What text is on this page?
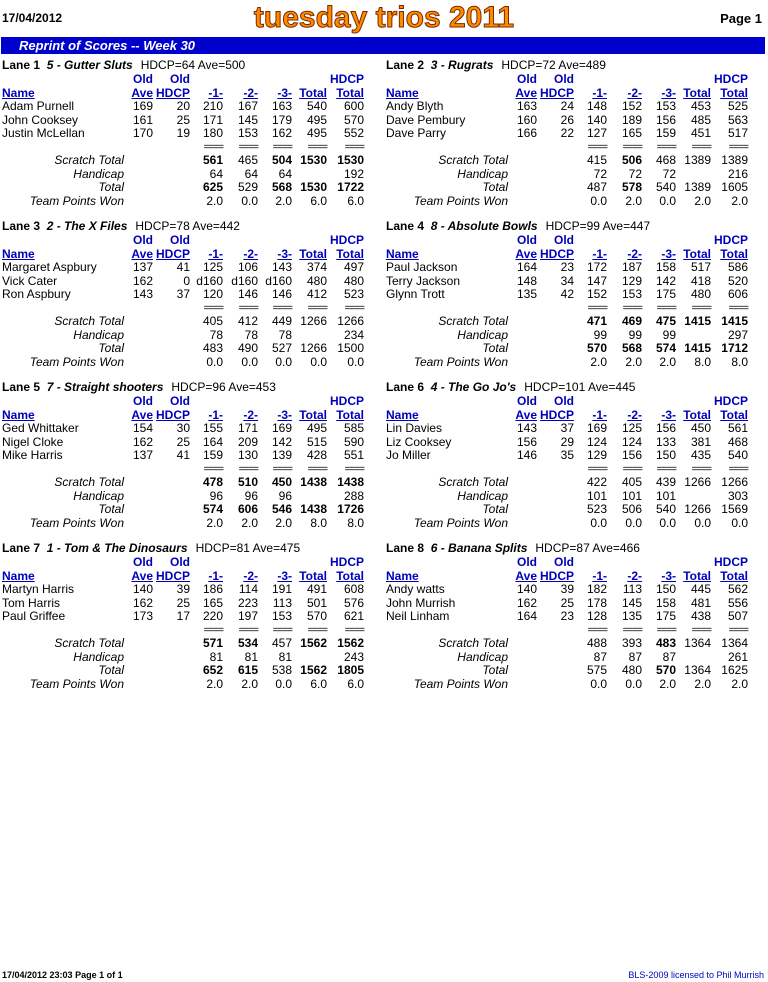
17/04/2012	tuesday trios 2011	Page 1
Reprint of Scores -- Week 30
Lane 1 5 - Gutter Sluts HDCP=64 Ave=500
Old Old	HDCP
Name	Ave HDCP -1- -2- -3- Total Total
Adam Purnell	169 20 210 167 163 540 600
John Cooksey	161 25 171 145 179 495 570
Justin McLellan	170 19 180 153 162 495 552
==== ==== ==== ==== ====
Scratch Total	561 465 504 1530 1530
Handicap	64 64 64	192
Total	625 529 568 1530 1722
Team Points Won	2.0 0.0 2.0 6.0 6.0
Lane 2 3 - Rugrats HDCP=72 Ave=489
Old Old	HDCP
Name	Ave HDCP -1- -2- -3- Total Total
Andy Blyth	163 24 148 152 153 453 525
Dave Pembury	160 26 140 189 156 485 563
Dave Parry	166 22 127 165 159 451 517
==== ==== ==== ==== ====
Scratch Total	415 506 468 1389 1389
Handicap	72 72 72	216
Total	487 578 540 1389 1605
Team Points Won	0.0 2.0 0.0 2.0 2.0
Lane 3 2 - The X Files HDCP=78 Ave=442
Old Old	HDCP
Name	Ave HDCP -1- -2- -3- Total Total
Margaret Aspbury	137 41 125 106 143 374 497
Vick Cater	162	0 d160 d160 d160 480 480
Ron Aspbury	143 37 120 146 146 412 523
==== ==== ==== ==== ====
Scratch Total	405 412 449 1266 1266
Handicap	78 78 78	234
Total	483 490 527 1266 1500
Team Points Won	0.0 0.0 0.0 0.0 0.0
Lane 4 8 - Absolute Bowls HDCP=99 Ave=447
Old Old	HDCP
Name	Ave HDCP -1- -2- -3- Total Total
Paul Jackson	164 23 172 187 158 517 586
Terry Jackson	148 34 147 129 142 418 520
Glynn Trott	135 42 152 153 175 480 606
==== ==== ==== ==== ====
Scratch Total	471 469 475 1415 1415
Handicap	99 99 99	297
Total	570 568 574 1415 1712
Team Points Won	2.0 2.0 2.0 8.0 8.0
Lane 5 7 - Straight shooters HDCP=96 Ave=453
Old Old	HDCP
Name	Ave HDCP -1- -2- -3- Total Total
Ged Whittaker	154 30 155 171 169 495 585
Nigel Cloke	162 25 164 209 142 515 590
Mike Harris	137 41 159 130 139 428 551
==== ==== ==== ==== ====
Scratch Total	478 510 450 1438 1438
Handicap	96 96 96	288
Total	574 606 546 1438 1726
Team Points Won	2.0 2.0 2.0 8.0 8.0
Lane 6 4 - The Go Jo's HDCP=101 Ave=445
Old Old	HDCP
Name	Ave HDCP -1- -2- -3- Total Total
Lin Davies	143 37 169 125 156 450 561
Liz Cooksey	156 29 124 124 133 381 468
Jo Miller	146 35 129 156 150 435 540
==== ==== ==== ==== ====
Scratch Total	422 405 439 1266 1266
Handicap	101 101 101	303
Total	523 506 540 1266 1569
Team Points Won	0.0 0.0 0.0 0.0 0.0
Lane 7 1 - Tom & The Dinosaurs HDCP=81 Ave=475
Old Old	HDCP
Name	Ave HDCP -1- -2- -3- Total Total
Martyn Harris	140 39 186 114 191 491 608
Tom Harris	162 25 165 223 113 501 576
Paul Griffee	173 17 220 197 153 570 621
==== ==== ==== ==== ====
Scratch Total	571 534 457 1562 1562
Handicap	81 81 81	243
Total	652 615 538 1562 1805
Team Points Won	2.0 2.0 0.0 6.0 6.0
Lane 8 6 - Banana Splits HDCP=87 Ave=466
Old Old	HDCP
Name	Ave HDCP -1- -2- -3- Total Total
Andy watts	140 39 182 113 150 445 562
John Murrish	162 25 178 145 158 481 556
Neil Linham	164 23 128 135 175 438 507
==== ==== ==== ==== ====
Scratch Total	488 393 483 1364 1364
Handicap	87 87 87	261
Total	575 480 570 1364 1625
Team Points Won	0.0 0.0 2.0 2.0 2.0
17/04/2012 23:03 Page 1 of 1	BLS-2009 licensed to Phil Murrish
